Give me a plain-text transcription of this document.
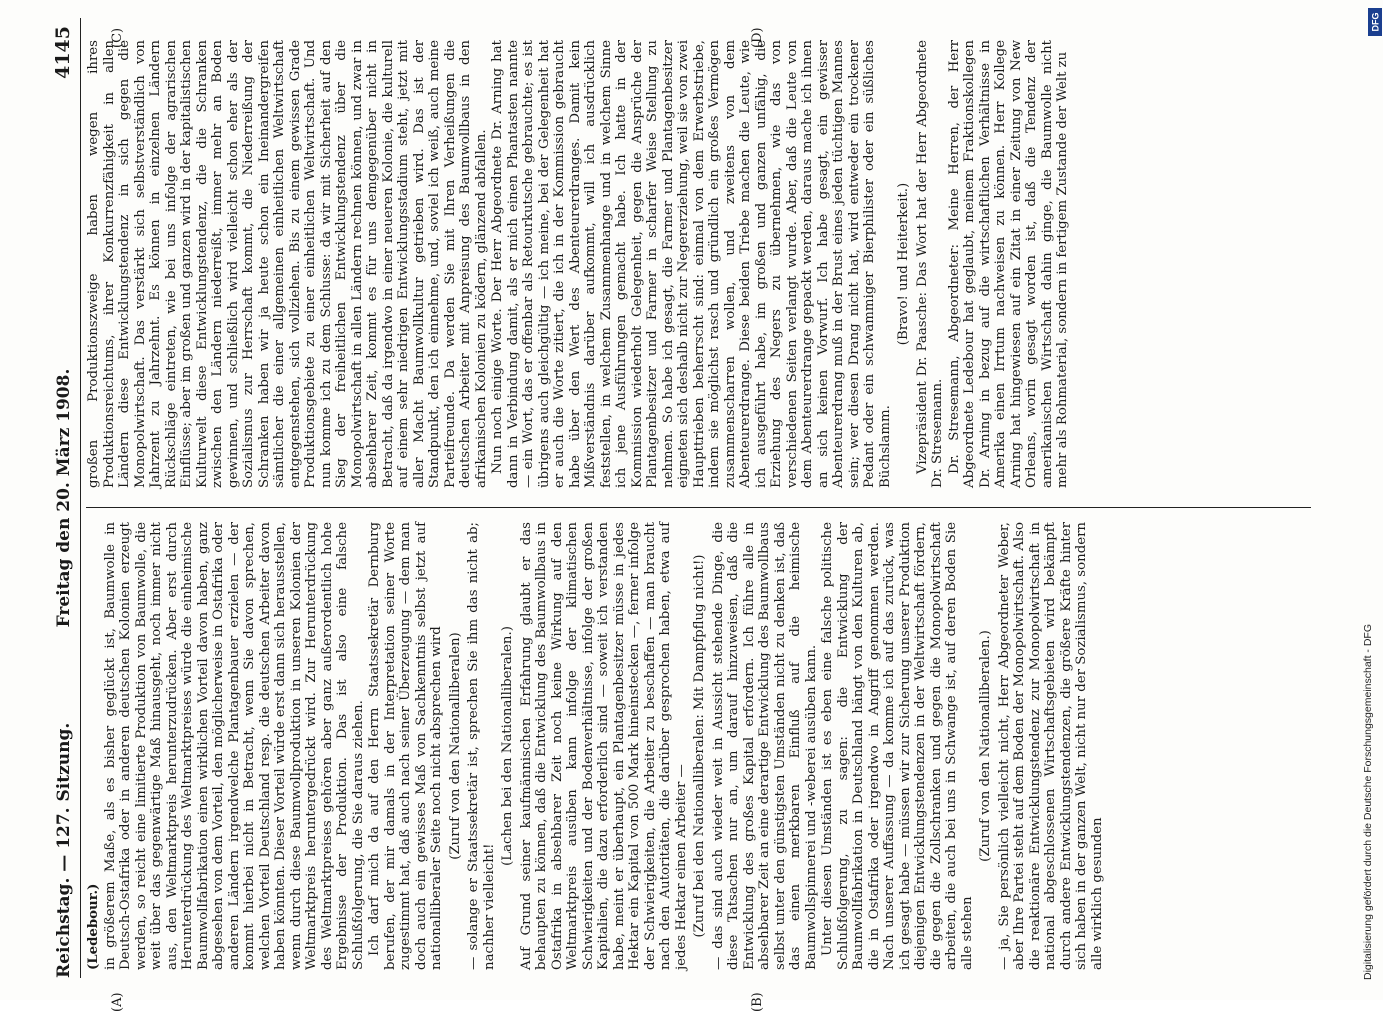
Reichstag. — 127. Sitzung.
Freitag den 20. März 1908.
4145
(A)	(B)
(C)	(D)

(Ledebour.) in größerem Maße, als es bisher geglückt ist, Baumwolle in Deutsch-Ostafrika oder in anderen deutschen Kolonien erzeugt werden, so reicht eine limitierte Produktion von Baumwolle, die weit über das gegenwärtige Maß hinausgeht, noch immer nicht aus, den Weltmarktpreis herunterzudrücken. Aber erst durch Herunterdrückung des Weltmarktpreises würde die einheimische Baumwollfabrikation einen wirklichen Vorteil davon haben, ganz abgesehen von dem Vorteil, den möglicherweise in Ostafrika oder anderen Ländern irgendwelche Plantagenbauer erzielen — der kommt hierbei nicht in Betracht, wenn Sie davon sprechen, welchen Vorteil Deutschland resp. die deutschen Arbeiter davon haben könnten. Dieser Vorteil würde erst dann sich herausstellen, wenn durch diese Baumwollproduktion in unseren Kolonien der Weltmarktpreis heruntergedrückt wird. Zur Herunterdrückung des Weltmarktpreises gehören aber ganz außerordentlich hohe Ergebnisse der Produktion. Das ist also eine falsche Schlußfolgerung, die Sie daraus ziehen. Ich darf mich da auf den Herrn Staatssekretär Dernburg berufen, der mir damals in der Interpretation seiner Worte zugestimmt hat, daß auch nach seiner Überzeugung — dem man doch auch ein gewisses Maß von Sachkenntnis selbst jetzt auf nationalliberaler Seite noch nicht absprechen wird (Zuruf von den Nationalliberalen) — solange er Staatssekretär ist, sprechen Sie ihm das nicht ab; nachher vielleicht!

(Lachen bei den Nationalliberalen.) Auf Grund seiner kaufmännischen Erfahrung glaubt er das behaupten zu können, daß die Entwicklung des Baumwollbaus in Ostafrika in absehbarer Zeit noch keine Wirkung auf den Weltmarktpreis ausüben kann infolge der klimatischen Schwierigkeiten und der Bodenverhältnisse, infolge der großen Kapitalien, die dazu erforderlich sind — soweit ich verstanden habe, meint er überhaupt, ein Plantagenbesitzer müsse in jedes Hektar ein Kapital von 500 Mark hineinstecken —, ferner infolge der Schwierigkeiten, die Arbeiter zu beschaffen — man braucht nach den Autoritäten, die darüber gesprochen haben, etwa auf jedes Hektar einen Arbeiter — (Zuruf bei den Nationalliberalen: Mit Dampfpflug nicht!) — das sind auch wieder weit in Aussicht stehende Dinge, die diese Tatsachen nur an, um darauf hinzuweisen, daß die Entwicklung des großes Kapital erfordern. Ich führe alle in absehbarer Zeit an eine derartige Entwicklung des Baumwollbaus selbst unter den günstigsten Umständen nicht zu denken ist, daß das einen merkbaren Einfluß auf die heimische Baumwollspinnerei und -weberei ausüben kann. Unter diesen Umständen ist es eben eine falsche politische Schlußfolgerung, zu sagen: die Entwicklung der Baumwollfabrikation in Deutschland hängt von den Kulturen ab, die in Ostafrika oder irgendwo in Angriff genommen werden. Nach unserer Auffassung — da komme ich auf das zurück, was ich gesagt habe — müssen wir zur Sicherung unserer Produktion diejenigen Entwicklungstendenzen in der Weltwirtschaft fördern, die gegen die Zollschranken und gegen die Monopolwirtschaft arbeiten, die auch bei uns in Schwange ist, auf deren Boden Sie alle stehen

(Zuruf von den Nationalliberalen.) — ja, Sie persönlich vielleicht nicht, Herr Abgeordneter Weber, aber Ihre Partei steht auf dem Boden der Monopolwirtschaft. Also die reaktionäre Entwicklungstendenz zur Monopolwirtschaft in national abgeschlossenen Wirtschaftsgebieten wird bekämpft durch andere Entwicklungstendenzen, die größere Kräfte hinter sich haben in der ganzen Welt, nicht nur der Sozialismus, sondern alle wirklich gesunden

großen Produktionszweige haben wegen ihres Produktionsreichtums, ihrer Konkurrenzfähigkeit in allen Ländern diese Entwicklungstendenz in sich gegen die Monopolwirtschaft. Das verstärkt sich selbstverständlich von Jahrzent zu Jahrzehnt. Es können in einzelnen Ländern Rückschläge eintreten, wie bei uns infolge der agrarischen Einflüsse; aber im großen und ganzen wird in der kapitalistischen Kulturwelt diese Entwicklungstendenz, die die Schranken zwischen den Ländern niederreißt, immer mehr an Boden gewinnen, und schließlich wird vielleicht schon eher als der Sozialismus zur Herrschaft kommt, die Niederreißung der Schranken haben wir ja heute schon ein Ineinandergreifen sämtlicher die einer allgemeinen einheitlichen Weltwirtschaft entgegenstehen, sich vollziehen. Bis zu einem gewissen Grade Produktionsgebiete zu einer einheitlichen Weltwirtschaft. Und nun komme ich zu dem Schlusse: da wir mit Sicherheit auf den Sieg der freiheitlichen Entwicklungstendenz über die Monopolwirtschaft in allen Ländern rechnen können, und zwar in absehbarer Zeit, kommt es für uns demgegenüber nicht in Betracht, daß da irgendwo in einer neueren Kolonie, die kulturell auf einem sehr niedrigen Entwicklungsstadium steht, jetzt mit aller Macht Baumwollkultur getrieben wird. Das ist der Standpunkt, den ich einnehme, und, soviel ich weiß, auch meine Parteifreunde. Da werden Sie mit Ihren Verheißungen die deutschen Arbeiter mit Anpreisung des Baumwollbaus in den afrikanischen Kolonien zu ködern, glänzend abfallen. Nun noch einige Worte. Der Herr Abgeordnete Dr. Arning hat dann in Verbindung damit, als er mich einen Phantasten nannte — ein Wort, das er offenbar als Retourkutsche gebrauchte; es ist übrigens auch gleichgültig — ich meine, bei der Gelegenheit hat er auch die Worte zitiert, die ich in der Kommission gebraucht habe über den Wert des Abenteurerdranges. Damit kein Mißverständnis darüber aufkommt, will ich ausdrücklich feststellen, in welchem Zusammenhange und in welchem Sinne ich jene Ausführungen gemacht habe. Ich hatte in der Kommission wiederholt Gelegenheit, gegen die Ansprüche der Plantagenbesitzer und Farmer in scharfer Weise Stellung zu nehmen. So habe ich gesagt, die Farmer und Plantagenbesitzer eigneten sich deshalb nicht zur Negererziehung, weil sie von zwei Haupttrieben beherrscht sind: einmal von dem Erwerbstriebe, indem sie möglichst rasch und gründlich ein großes Vermögen zusammenscharren wollen, und zweitens von dem Abenteurerdrange. Diese beiden Triebe machen die Leute, wie ich ausgeführt habe, im großen und ganzen unfähig, die Erziehung des Negers zu übernehmen, wie das von verschiedenen Seiten verlangt wurde. Aber, daß die Leute von dem Abenteurerdrange gepackt werden, daraus mache ich ihnen an sich keinen Vorwurf. Ich habe gesagt, ein gewisser Abenteurerdrang muß in der Brust eines jeden tüchtigen Mannes sein; wer diesen Drang nicht hat, wird entweder ein trockener Pedant oder ein schwammiger Bierphilister oder ein süßliches Büchslamm.

(Bravo! und Heiterkeit.) Vizepräsident Dr. Paasche: Das Wort hat der Herr Abgeordnete Dr. Stresemann. Dr. Stresemann, Abgeordneter: Meine Herren, der Herr Abgeordnete Ledebour hat geglaubt, meinem Fraktionskollegen Dr. Arning in bezug auf die wirtschaftlichen Verhältnisse in Amerika einen Irrtum nachweisen zu können. Herr Kollege Arning hat hingewiesen auf ein Zitat in einer Zeitung von New Orleans, worin gesagt worden ist, daß die Tendenz der amerikanischen Wirtschaft dahin ginge, die Baumwolle nicht mehr als Rohmaterial, sondern in fertigem Zustande der Welt zu

DFG
Digitalisierung gefördert durch die Deutsche Forschungsgemeinschaft - DFG
